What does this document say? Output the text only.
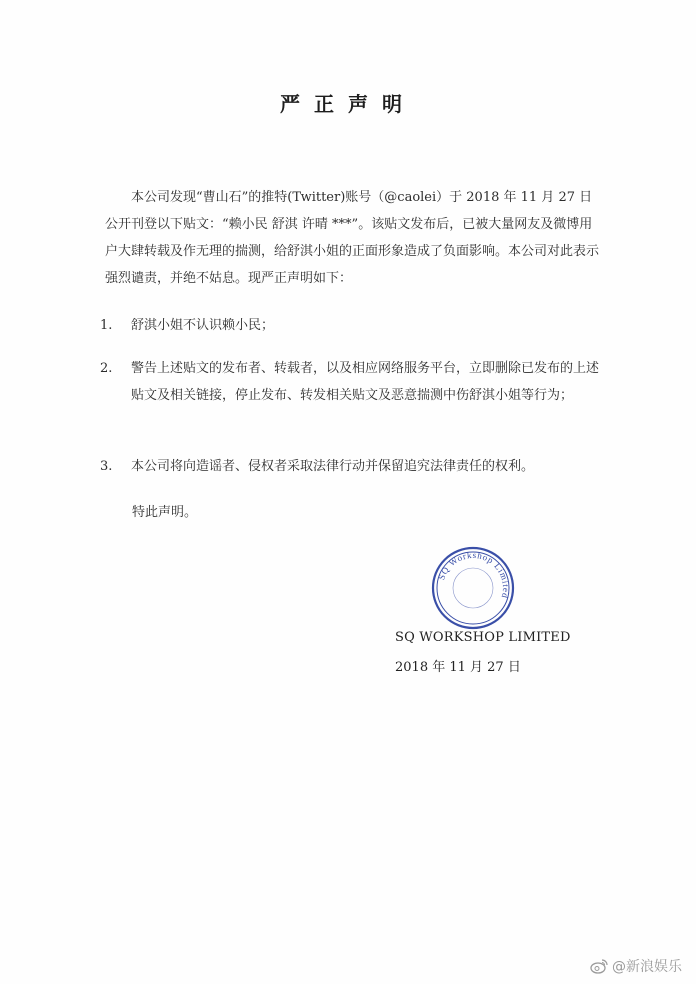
严正声明
本公司发现“曹山石”的推特(Twitter)账号（@caolei）于 2018 年 11 月 27 日公开刊登以下贴文：“赖小民 舒淇 许晴 ***”。该贴文发布后，已被大量网友及微博用户大肆转载及作无理的揣测，给舒淇小姐的正面形象造成了负面影响。本公司对此表示强烈谴责，并绝不姑息。现严正声明如下：
1.	舒淇小姐不认识赖小民；
2.	警告上述贴文的发布者、转载者，以及相应网络服务平台，立即删除已发布的上述贴文及相关链接，停止发布、转发相关贴文及恶意揣测中伤舒淇小姐等行为；
3.	本公司将向造谣者、侵权者采取法律行动并保留追究法律责任的权利。
特此声明。
SQ Workshop Limited
SQ WORKSHOP LIMITED
2018 年 11 月 27 日
@新浪娱乐
